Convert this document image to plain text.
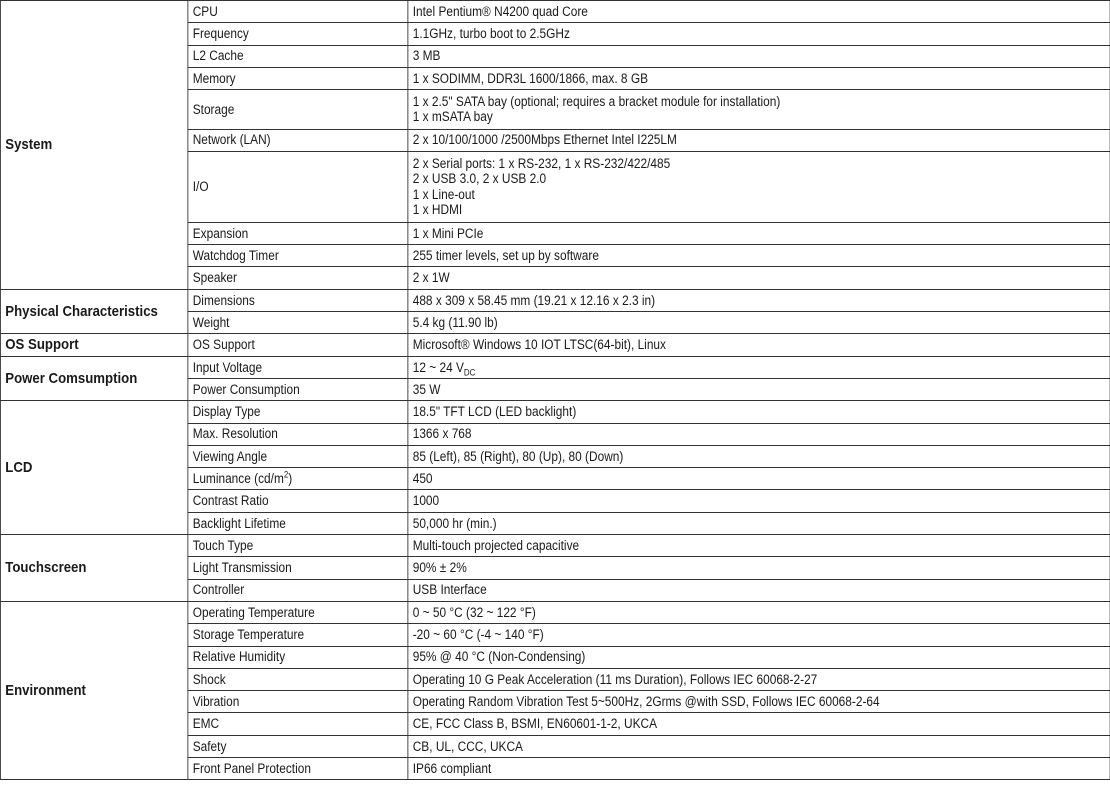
System	CPU	Intel Pentium® N4200 quad Core
	Frequency	1.1GHz, turbo boot to 2.5GHz
	L2 Cache	3 MB
	Memory	1 x SODIMM, DDR3L 1600/1866, max. 8 GB
	Storage	1 x 2.5" SATA bay (optional; requires a bracket module for installation)
1 x mSATA bay

	Network (LAN)	2 x 10/100/1000 /2500Mbps Ethernet Intel I225LM
	I/O	2 x Serial ports: 1 x RS-232, 1 x RS-232/422/485
2 x USB 3.0, 2 x USB 2.0
1 x Line-out
1 x HDMI

	Expansion	1 x Mini PCIe
	Watchdog Timer	255 timer levels, set up by software
	Speaker	2 x 1W
Physical Characteristics	Dimensions	488 x 309 x 58.45 mm (19.21 x 12.16 x 2.3 in)
	Weight	5.4 kg (11.90 lb)
OS Support	OS Support	Microsoft® Windows 10 IOT LTSC(64-bit), Linux
Power Comsumption	Input Voltage	12 ~ 24 $V_{DC}$
	Power Consumption	35 W
LCD	Display Type	18.5" TFT LCD (LED backlight)
	Max. Resolution	1366 x 768
	Viewing Angle	85 (Left), 85 (Right), 80 (Up), 80 (Down)
	Luminance $(cd/m^2)$	450
	Contrast Ratio	1000
	Backlight Lifetime	50,000 hr (min.)
Touchscreen	Touch Type	Multi-touch projected capacitive
	Light Transmission	90% ± 2%
	Controller	USB Interface
Environment	Operating Temperature	0 ~ 50 °C (32 ~ 122 °F)
	Storage Temperature	-20 ~ 60 °C (-4 ~ 140 °F)
	Relative Humidity	95% @ 40 °C (Non-Condensing)
	Shock	Operating 10 G Peak Acceleration (11 ms Duration), Follows IEC 60068-2-27
	Vibration	Operating Random Vibration Test 5~500Hz, 2Grms @with SSD, Follows IEC 60068-2-64
	EMC	CE, FCC Class B, BSMI, EN60601-1-2, UKCA
	Safety	CB, UL, CCC, UKCA
	Front Panel Protection	IP66 compliant
